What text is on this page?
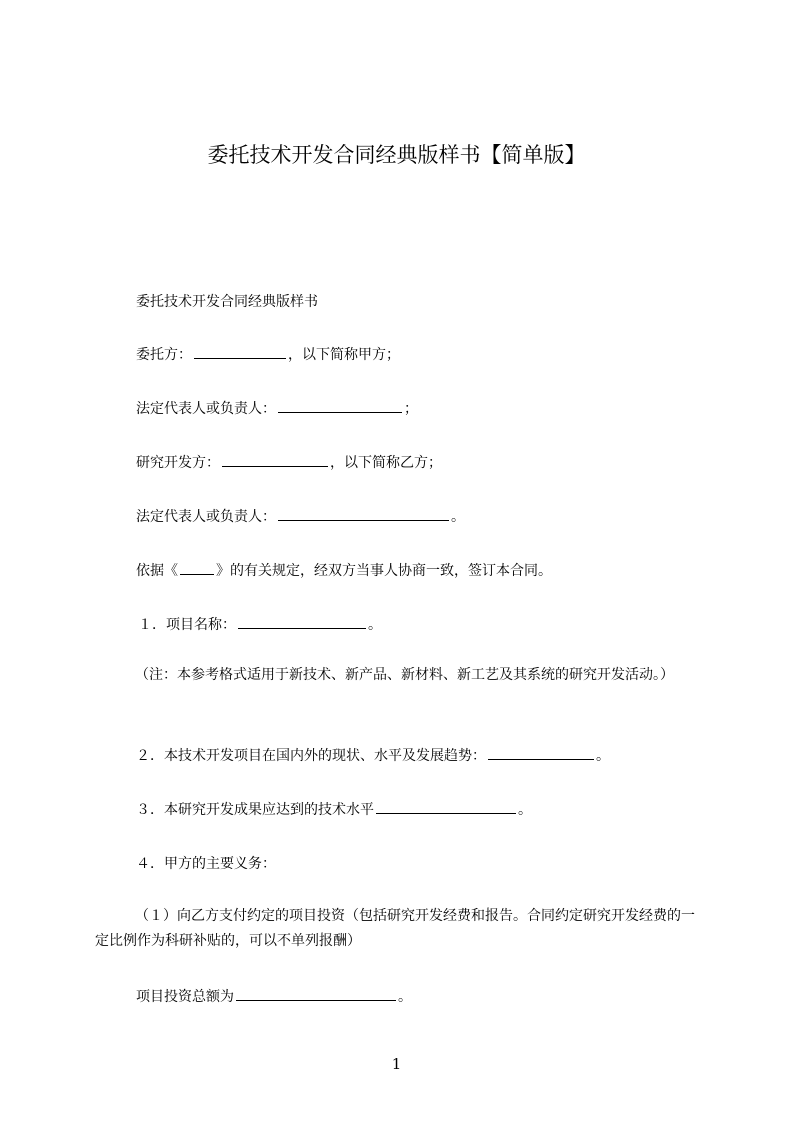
委托技术开发合同经典版样书【简单版】
委托技术开发合同经典版样书
委托方：	，以下简称甲方；
法定代表人或负责人：	；
研究开发方：	，以下简称乙方；
法定代表人或负责人：	。
依据《	》的有关规定，经双方当事人协商一致，签订本合同。
１．项目名称：	。
（注：本参考格式适用于新技术、新产品、新材料、新工艺及其系统的研究开发活动。）
２．本技术开发项目在国内外的现状、水平及发展趋势：	。
３．本研究开发成果应达到的技术水平	。
４．甲方的主要义务：
（１）向乙方支付约定的项目投资（包括研究开发经费和报告。合同约定研究开发经费的一定比例作为科研补贴的，可以不单列报酬）
项目投资总额为	。
1
